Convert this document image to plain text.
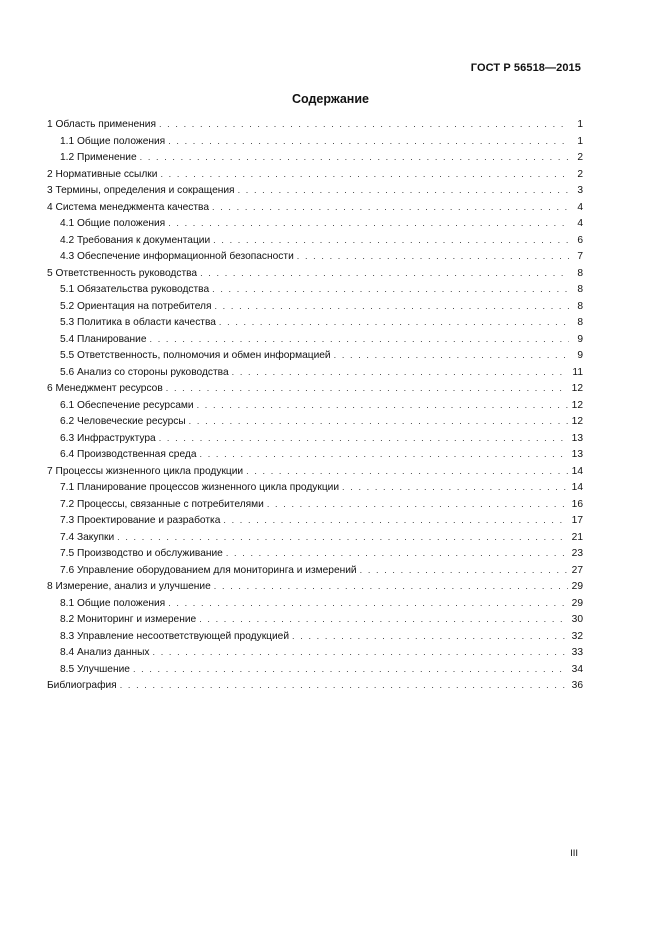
ГОСТ Р 56518—2015
Содержание
1 Область применения . . .	1
1.1 Общие положения . . .	1
1.2 Применение . . .	2
2 Нормативные ссылки . . .	2
3 Термины, определения и сокращения . . .	3
4 Система менеджмента качества . . .	4
4.1 Общие положения . . .	4
4.2 Требования к документации . . .	6
4.3 Обеспечение информационной безопасности . . .	7
5 Ответственность руководства . . .	8
5.1 Обязательства руководства . . .	8
5.2 Ориентация на потребителя . . .	8
5.3 Политика в области качества . . .	8
5.4 Планирование . . .	9
5.5 Ответственность, полномочия и обмен информацией . . .	9
5.6 Анализ со стороны руководства . . .	11
6 Менеджмент ресурсов . . .	12
6.1 Обеспечение ресурсами . . .	12
6.2 Человеческие ресурсы . . .	12
6.3 Инфраструктура . . .	13
6.4 Производственная среда . . .	13
7 Процессы жизненного цикла продукции . . .	14
7.1 Планирование процессов жизненного цикла продукции . . .	14
7.2 Процессы, связанные с потребителями . . .	16
7.3 Проектирование и разработка . . .	17
7.4 Закупки . . .	21
7.5 Производство и обслуживание . . .	23
7.6 Управление оборудованием для мониторинга и измерений . . .	27
8 Измерение, анализ и улучшение . . .	29
8.1 Общие положения . . .	29
8.2 Мониторинг и измерение . . .	30
8.3 Управление несоответствующей продукцией . . .	32
8.4 Анализ данных . . .	33
8.5 Улучшение . . .	34
Библиография . . .	36
III
